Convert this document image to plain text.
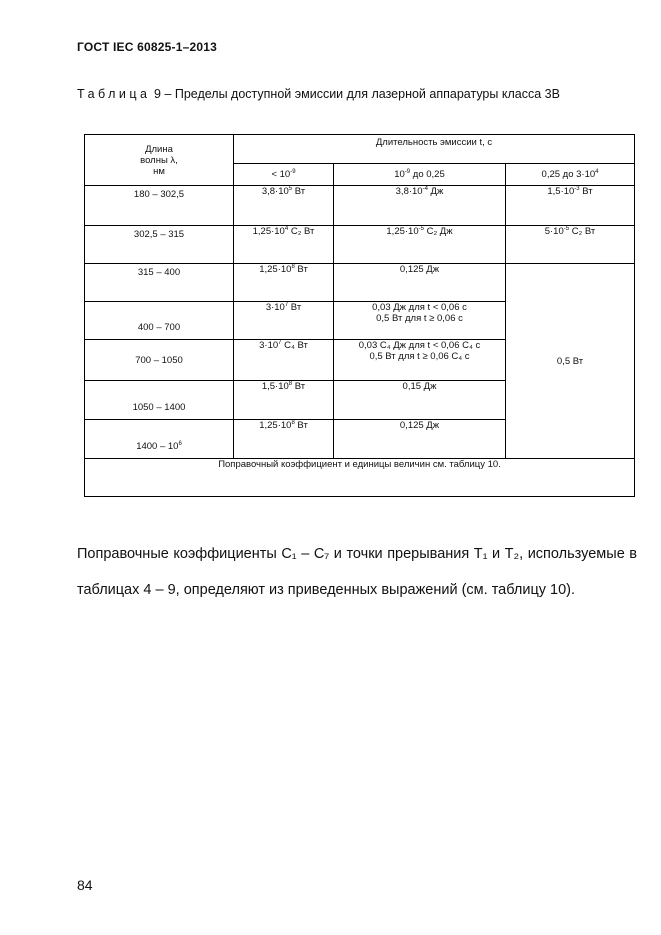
ГОСТ IEC 60825-1–2013
Таблица 9 – Пределы доступной эмиссии для лазерной аппаратуры класса 3В
Длина
волны λ,
нм	Длительность эмиссии t, с		
	< $10^{-9}$	$10^{-9}$ до 0,25	0,25 до $3\cdot 10^4$
180 – 302,5	$3,8\cdot 10^5$ Вт	$3,8\cdot 10^{-4}$ Дж	$1,5\cdot 10^{-3}$ Вт
302,5 – 315	$1,25\cdot 10^4$ C₂ Вт	$1,25\cdot 10^{-5}$ C₂ Дж	$5\cdot 10^{-5}$ C₂ Вт
315 – 400	$1,25\cdot 10^8$ Вт	0,125 Дж	0,5 Вт
400 – 700	$3\cdot 10^7$ Вт	0,03 Дж для t < 0,06 с
0,5 Вт для t ≥ 0,06 с	

700 – 1050	$3\cdot 10^7$ C₄ Вт	0,03 C₄ Дж для t < 0,06 C₄ с
0,5 Вт для t ≥ 0,06 C₄ с	

1050 – 1400	$1,5\cdot 10^8$ Вт	0,15 Дж	
$1400 - 10^6$	$1,25\cdot 10^8$ Вт	0,125 Дж	
Поправочный коэффициент и единицы величин см. таблицу 10.			
Поправочные коэффициенты C₁ – C₇ и точки прерывания T₁ и T₂, используемые в таблицах 4 – 9, определяют из приведенных выражений (см. таблицу 10).
84
